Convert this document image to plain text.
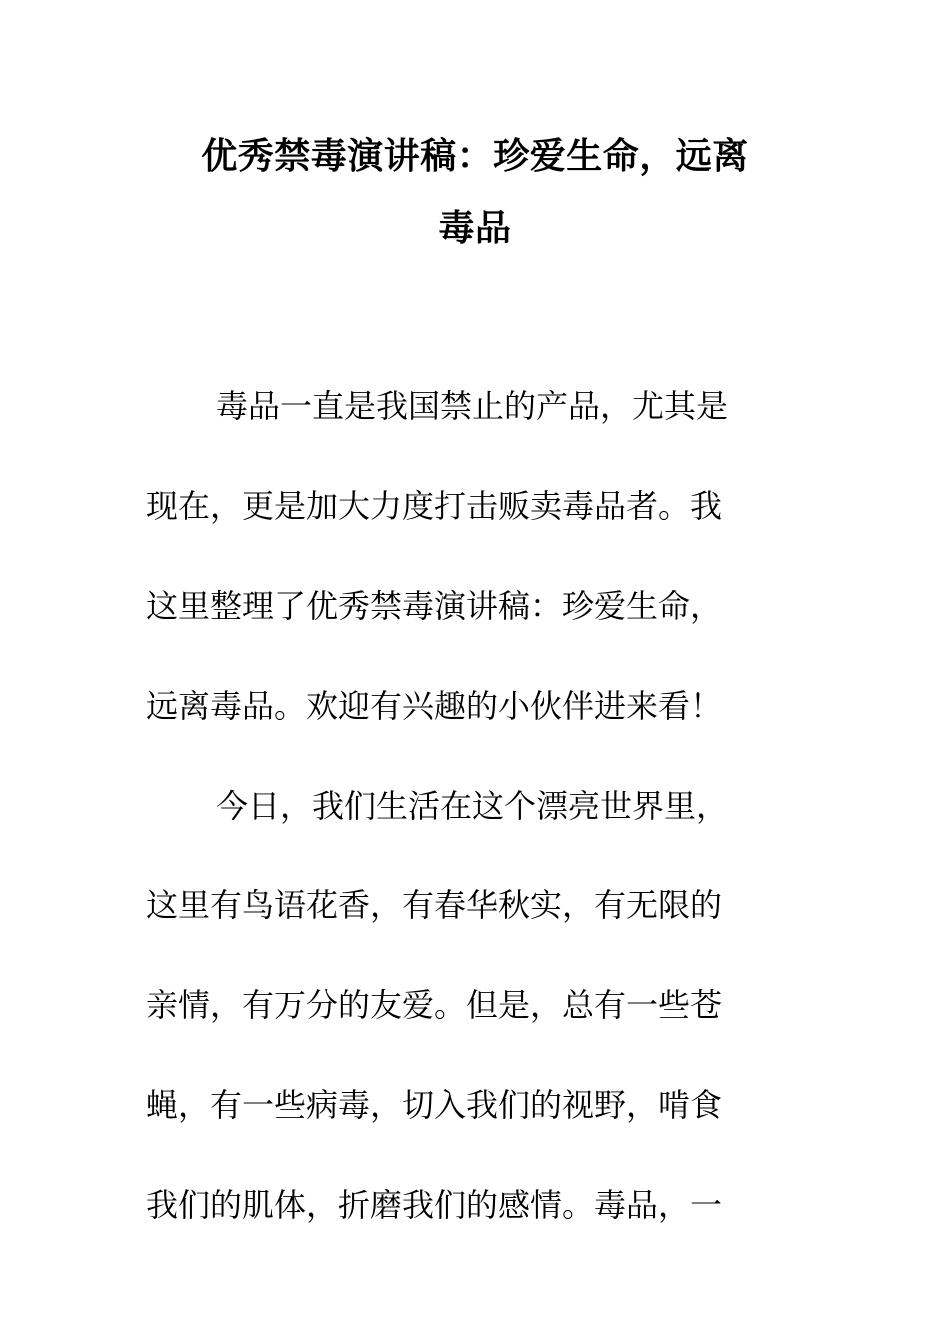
优秀禁毒演讲稿：珍爱生命，远离
毒品

毒品一直是我国禁止的产品，尤其是

现在，更是加大力度打击贩卖毒品者。我

这里整理了优秀禁毒演讲稿：珍爱生命，

远离毒品。欢迎有兴趣的小伙伴进来看！

今日，我们生活在这个漂亮世界里，

这里有鸟语花香，有春华秋实，有无限的

亲情，有万分的友爱。但是，总有一些苍

蝇，有一些病毒，切入我们的视野，啃食

我们的肌体，折磨我们的感情。毒品，一
